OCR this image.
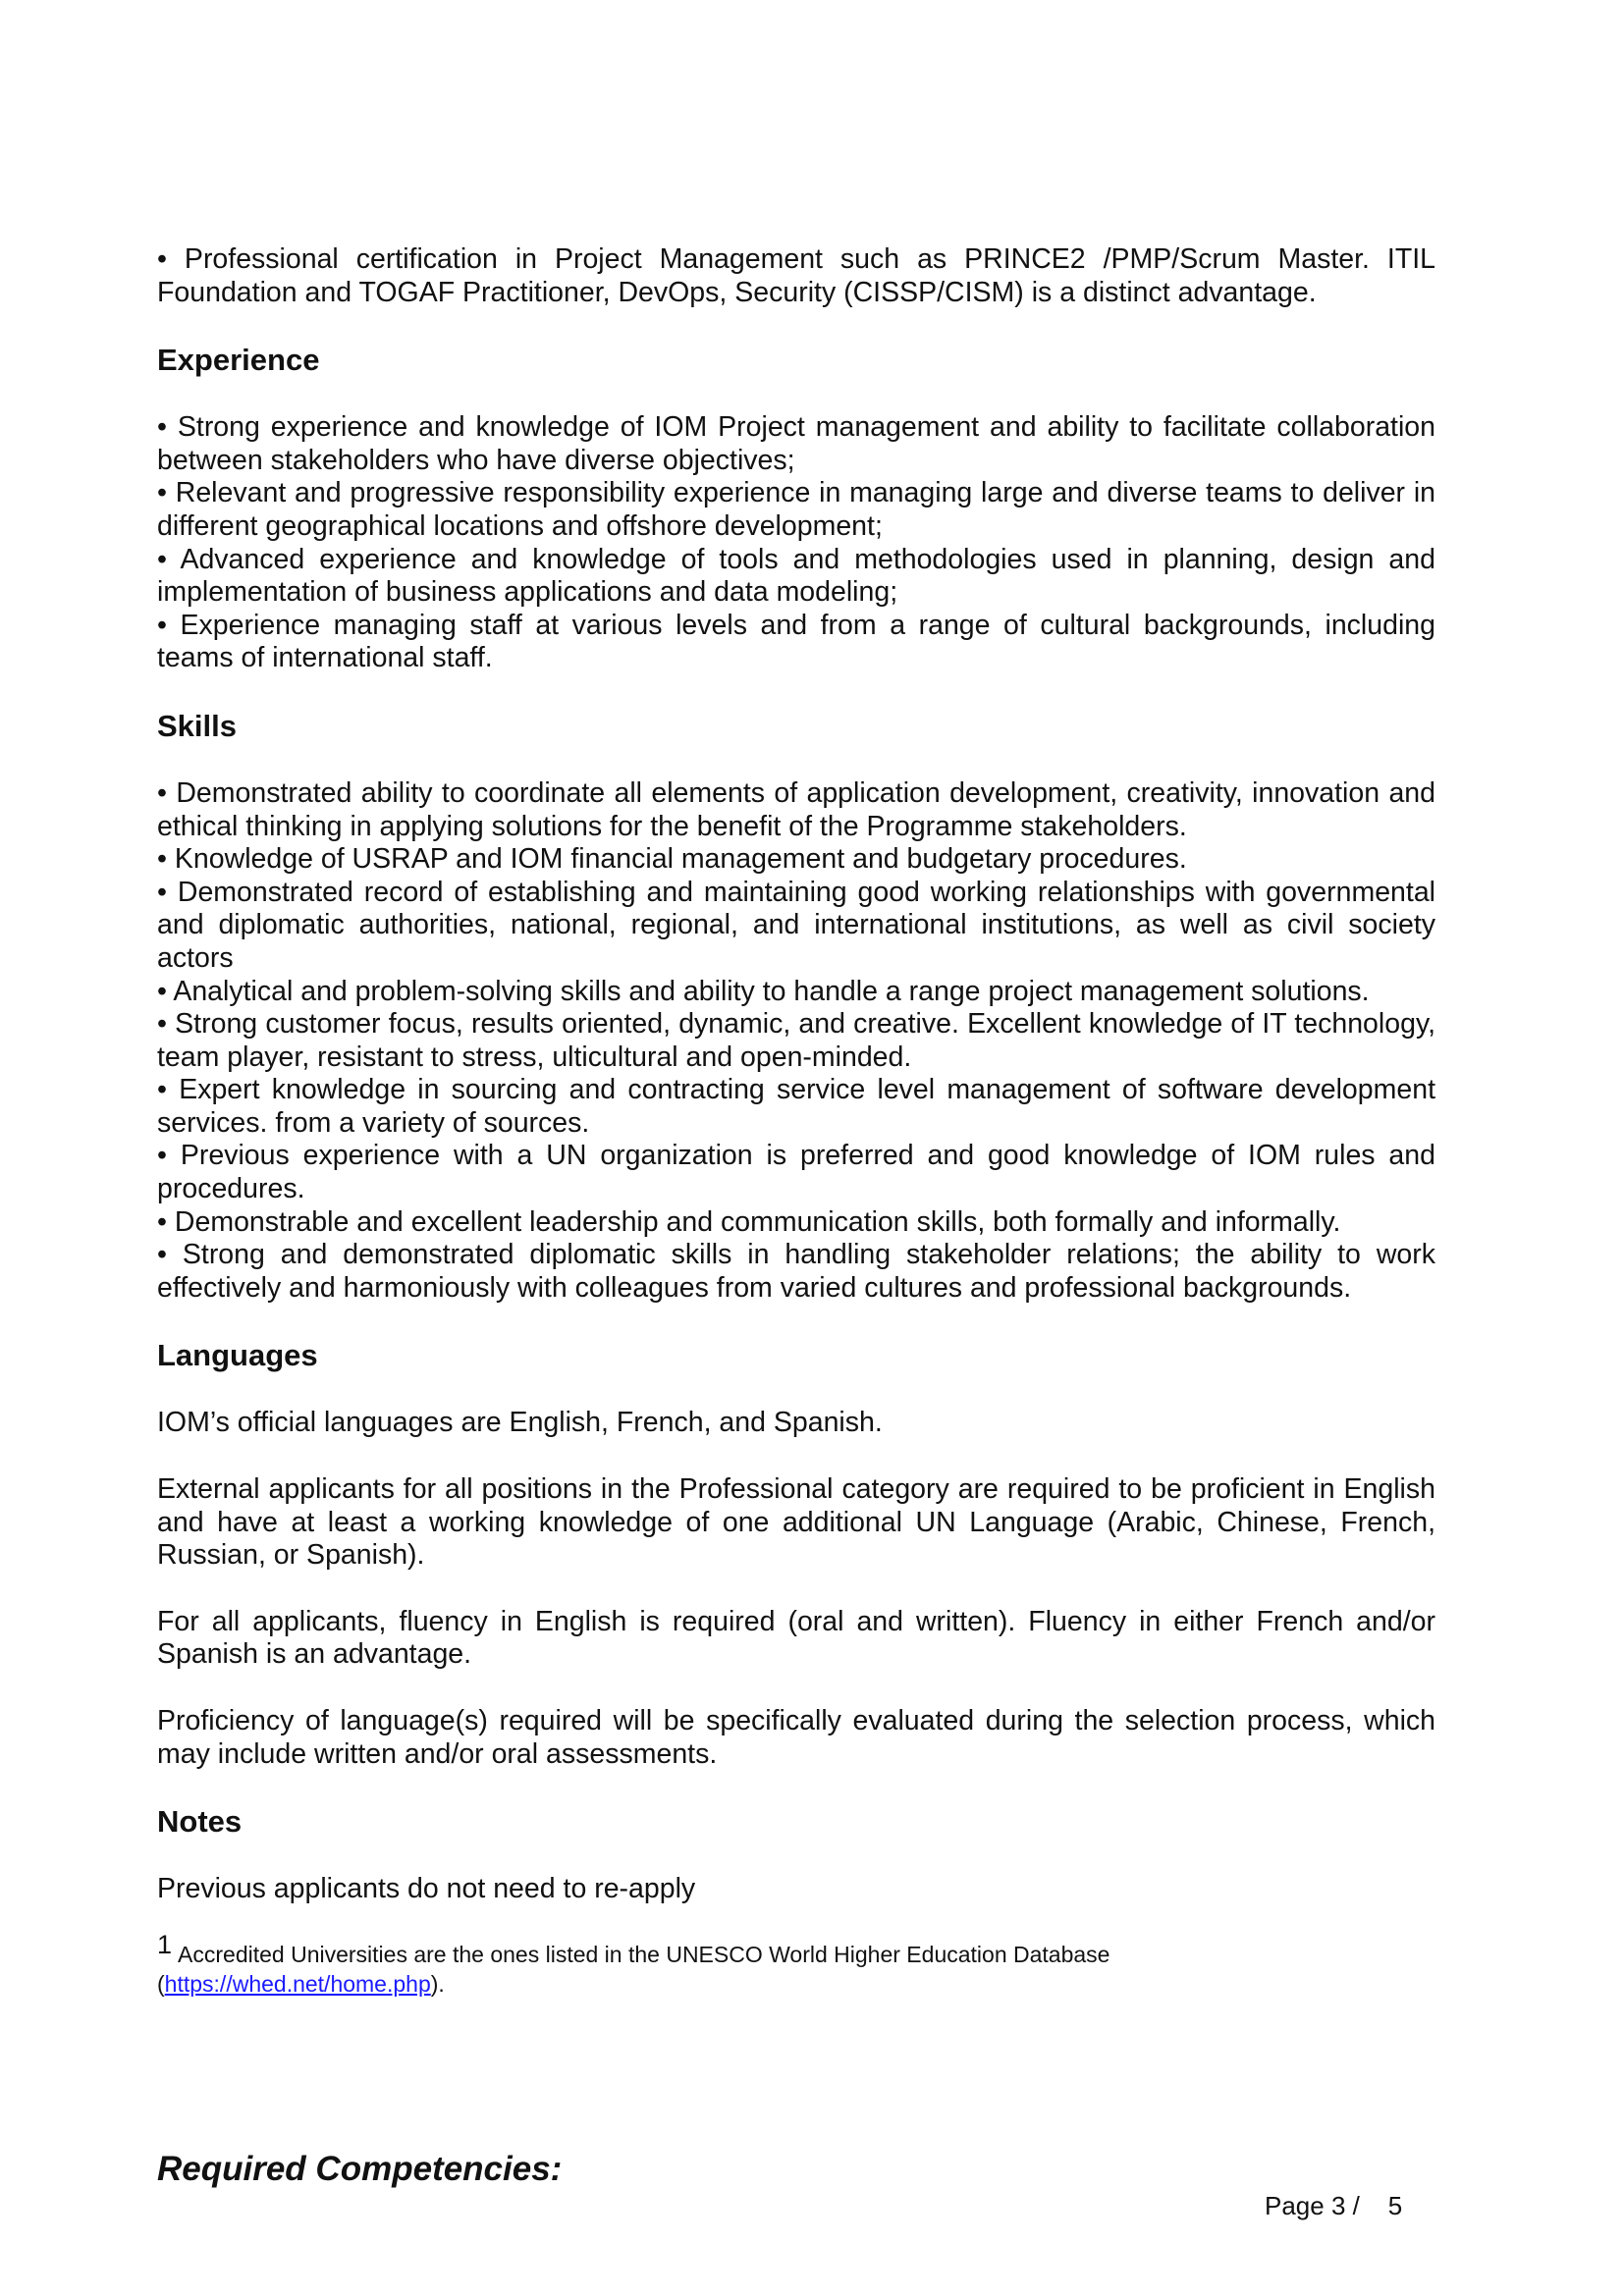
• Professional certification in Project Management such as PRINCE2 /PMP/Scrum Master. ITIL Foundation and TOGAF Practitioner, DevOps, Security (CISSP/CISM) is a distinct advantage.

Experience

• Strong experience and knowledge of IOM Project management and ability to facilitate collaboration between stakeholders who have diverse objectives;

• Relevant and progressive responsibility experience in managing large and diverse teams to deliver in different geographical locations and offshore development;

• Advanced experience and knowledge of tools and methodologies used in planning, design and implementation of business applications and data modeling;

• Experience managing staff at various levels and from a range of cultural backgrounds, including teams of international staff.

Skills

• Demonstrated ability to coordinate all elements of application development, creativity, innovation and ethical thinking in applying solutions for the benefit of the Programme stakeholders.

• Knowledge of USRAP and IOM financial management and budgetary procedures.

• Demonstrated record of establishing and maintaining good working relationships with governmental and diplomatic authorities, national, regional, and international institutions, as well as civil society actors

• Analytical and problem-solving skills and ability to handle a range project management solutions.

• Strong customer focus, results oriented, dynamic, and creative. Excellent knowledge of IT technology, team player, resistant to stress, ulticultural and open-minded.

• Expert knowledge in sourcing and contracting service level management of software development services. from a variety of sources.

• Previous experience with a UN organization is preferred and good knowledge of IOM rules and procedures.

• Demonstrable and excellent leadership and communication skills, both formally and informally.

• Strong and demonstrated diplomatic skills in handling stakeholder relations; the ability to work effectively and harmoniously with colleagues from varied cultures and professional backgrounds.

Languages

IOM’s official languages are English, French, and Spanish.

External applicants for all positions in the Professional category are required to be proficient in English and have at least a working knowledge of one additional UN Language (Arabic, Chinese, French, Russian, or Spanish).

For all applicants, fluency in English is required (oral and written). Fluency in either French and/or Spanish is an advantage.

Proficiency of language(s) required will be specifically evaluated during the selection process, which may include written and/or oral assessments.

Notes

Previous applicants do not need to re-apply

$^1$ Accredited Universities are the ones listed in the UNESCO World Higher Education Database
(https://whed.net/home.php).
Required Competencies:
Page 3 / 5
